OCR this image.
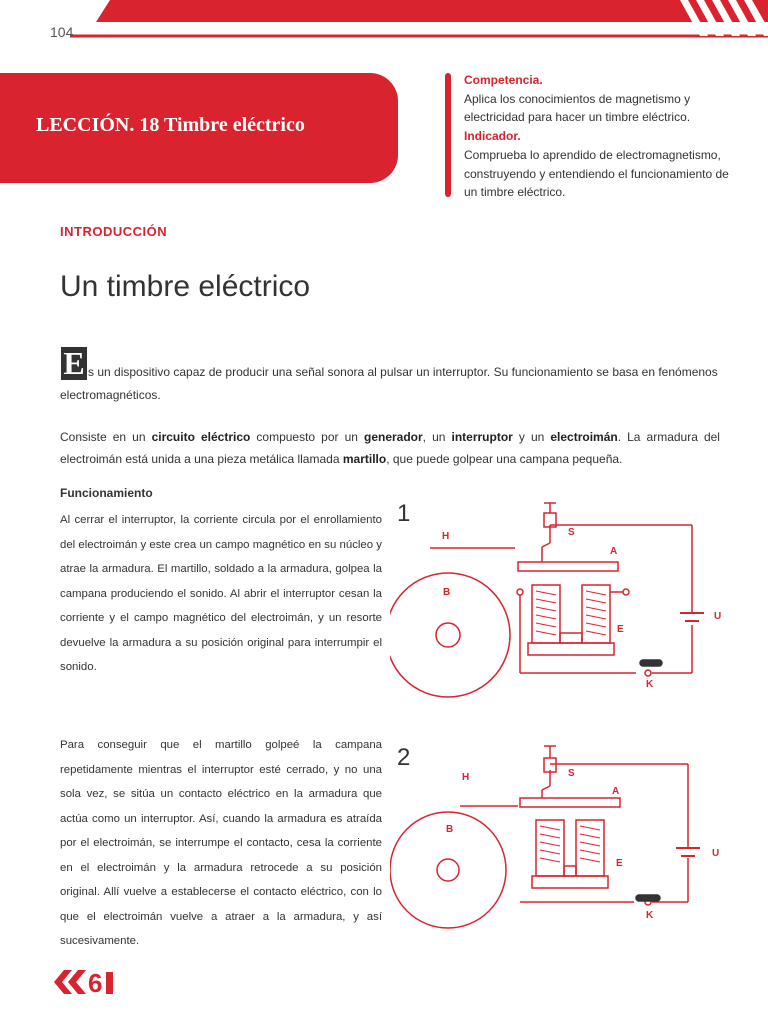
104
LECCIÓN. 18 Timbre eléctrico
Competencia.
Aplica los conocimientos de magnetismo y electricidad para hacer un timbre eléctrico.
Indicador.
Comprueba lo aprendido de electromagnetismo, construyendo y entendiendo el funcionamiento de un timbre eléctrico.
INTRODUCCIÓN
Un timbre eléctrico
E s un dispositivo capaz de producir una señal sonora al pulsar un interruptor. Su funcionamiento se basa en fenómenos electromagnéticos.
Consiste en un circuito eléctrico compuesto por un generador, un interruptor y un electroimán. La armadura del electroimán está unida a una pieza metálica llamada martillo, que puede golpear una campana pequeña.
Funcionamiento
Al cerrar el interruptor, la corriente circula por el enrollamiento del electroimán y este crea un campo magnético en su núcleo y atrae la armadura. El martillo, soldado a la armadura, golpea la campana produciendo el sonido. Al abrir el interruptor cesan la corriente y el campo magnético del electroimán, y un resorte devuelve la armadura a su posición original para interrumpir el sonido.
Para conseguir que el martillo golpeé la campana repetidamente mientras el interruptor esté cerrado, y no una sola vez, se sitúa un contacto eléctrico en la armadura que actúa como un interruptor. Así, cuando la armadura es atraída por el electroimán, se interrumpe el contacto, cesa la corriente en el electroimán y la armadura retrocede a su posición original. Allí vuelve a establecerse el contacto eléctrico, con lo que el electroimán vuelve a atraer a la armadura, y así sucesivamente.
1
H	S
A
B
E
U
K
2
H	S
A
B
E
U
K
6
